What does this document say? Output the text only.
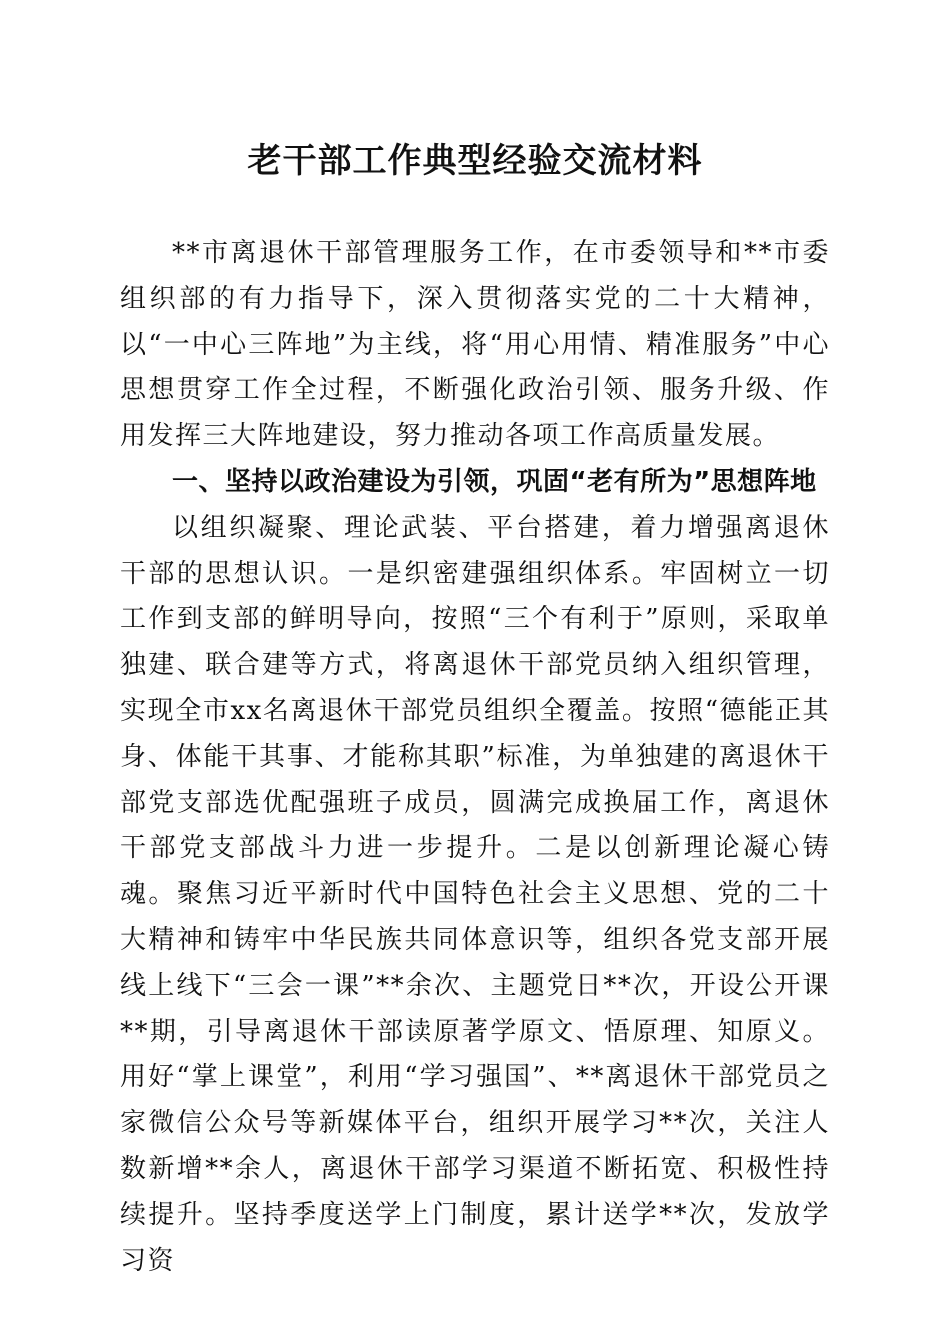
老干部工作典型经验交流材料

**市离退休干部管理服务工作，在市委领导和**市委组织部的有力指导下，深入贯彻落实党的二十大精神，以“一中心三阵地”为主线，将“用心用情、精准服务”中心思想贯穿工作全过程，不断强化政治引领、服务升级、作用发挥三大阵地建设，努力推动各项工作高质量发展。

一、坚持以政治建设为引领，巩固“老有所为”思想阵地

以组织凝聚、理论武装、平台搭建，着力增强离退休干部的思想认识。一是织密建强组织体系。牢固树立一切工作到支部的鲜明导向，按照“三个有利于”原则，采取单独建、联合建等方式，将离退休干部党员纳入组织管理，实现全市xx名离退休干部党员组织全覆盖。按照“德能正其身、体能干其事、才能称其职”标准，为单独建的离退休干部党支部选优配强班子成员，圆满完成换届工作，离退休干部党支部战斗力进一步提升。二是以创新理论凝心铸魂。聚焦习近平新时代中国特色社会主义思想、党的二十大精神和铸牢中华民族共同体意识等，组织各党支部开展线上线下“三会一课”**余次、主题党日**次，开设公开课**期，引导离退休干部读原著学原文、悟原理、知原义。用好“掌上课堂”，利用“学习强国”、**离退休干部党员之家微信公众号等新媒体平台，组织开展学习**次，关注人数新增**余人，离退休干部学习渠道不断拓宽、积极性持续提升。坚持季度送学上门制度，累计送学**次，发放学习资
